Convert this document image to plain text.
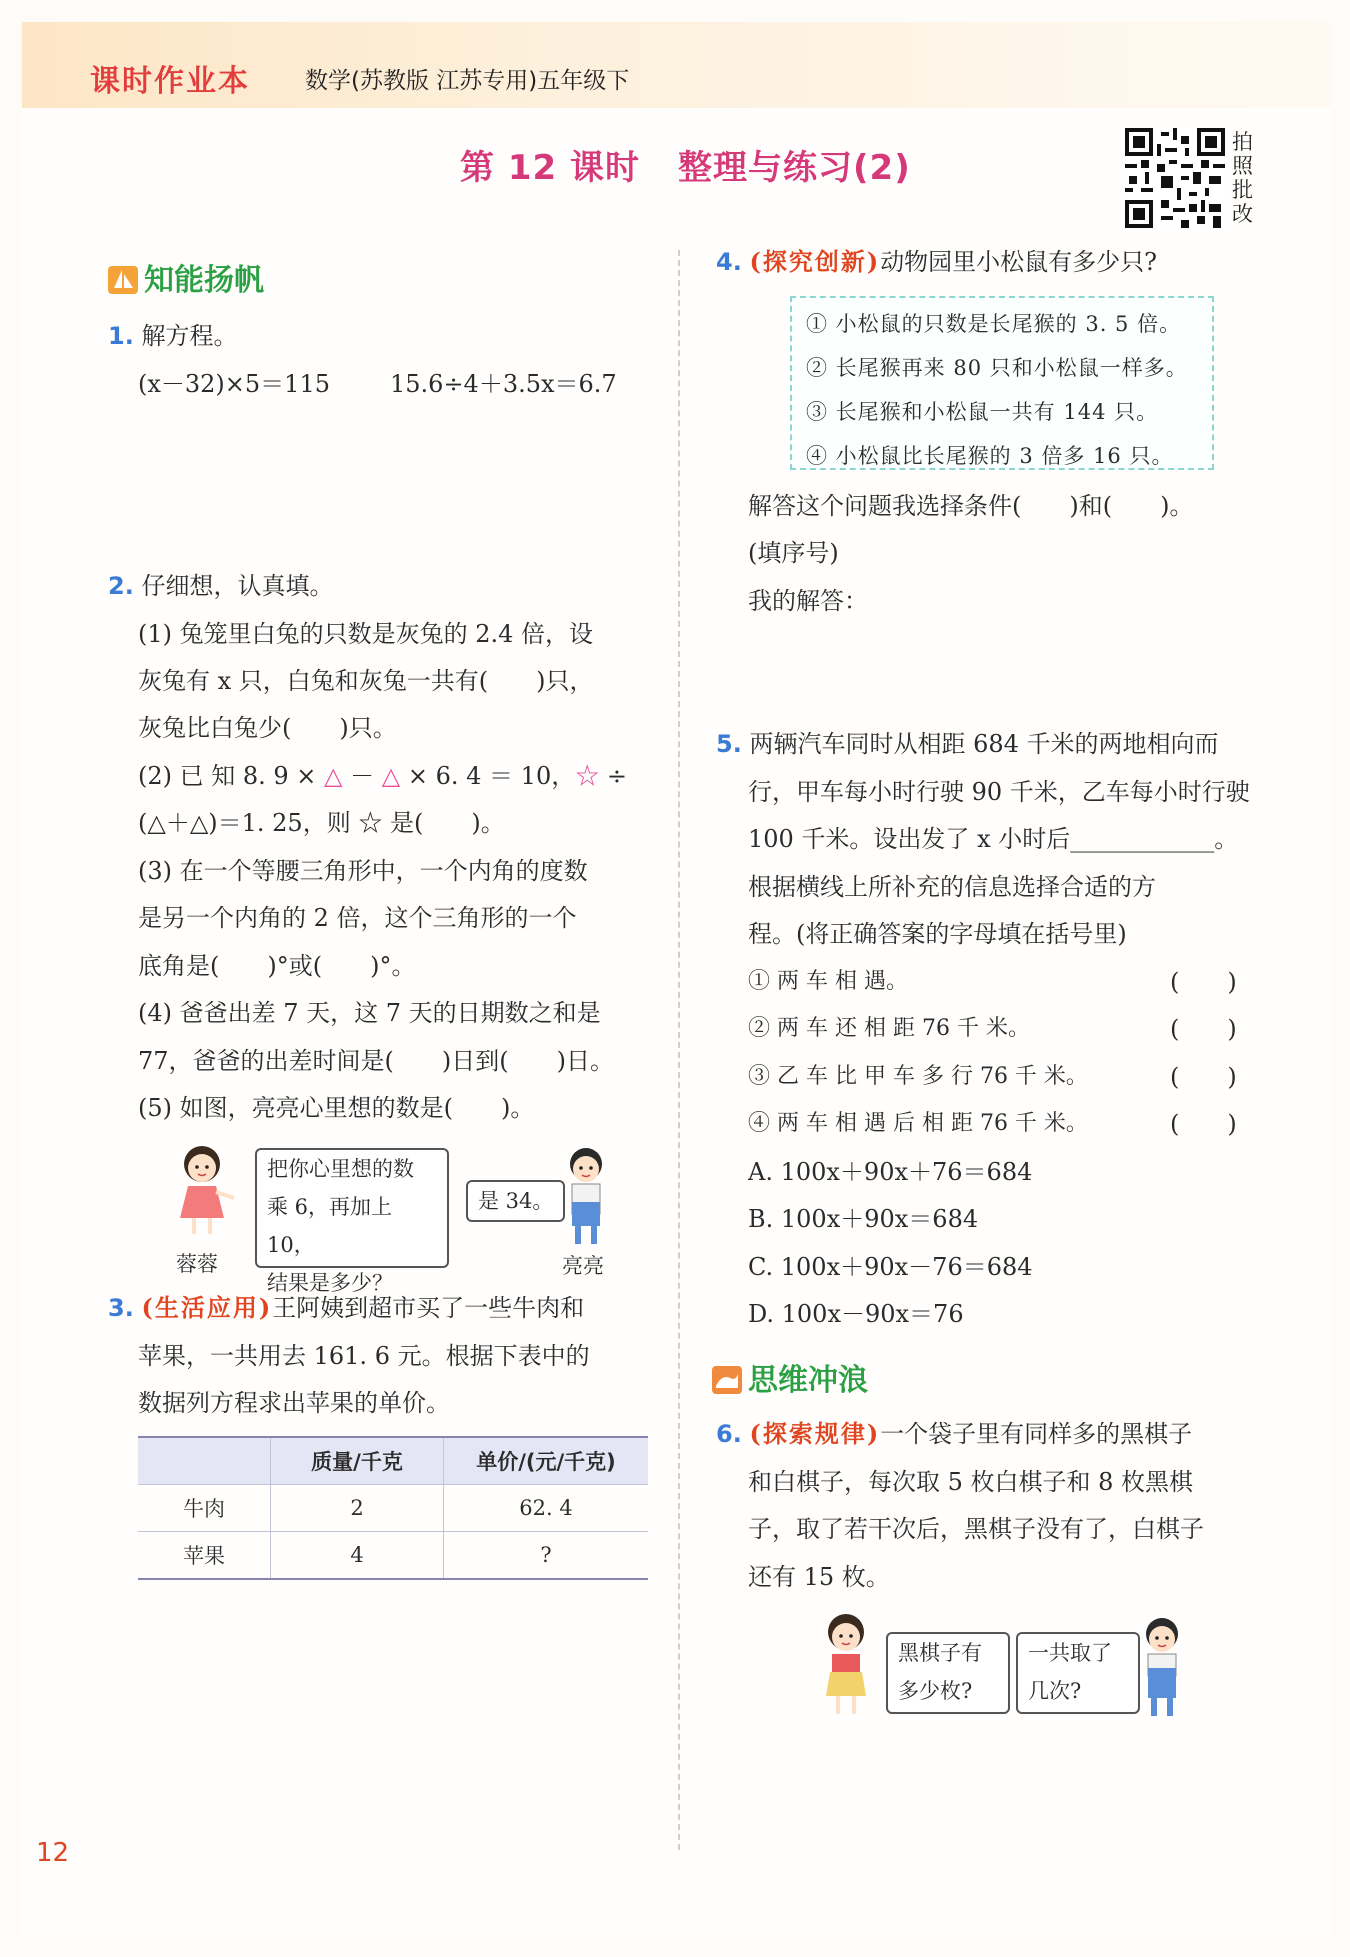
课时作业本 数学(苏教版 江苏专用)五年级下
第 12 课时 整理与练习(2)
拍照批改
知能扬帆
1. 解方程。
(x－32)×5＝115	15.6÷4＋3.5x＝6.7
2. 仔细想，认真填。
(1) 兔笼里白兔的只数是灰兔的 2.4 倍，设
灰兔有 x 只，白兔和灰兔一共有(　　)只，
灰兔比白兔少(　　)只。
(2) 已 知 8. 9 × △ － △ × 6. 4 ＝ 10，☆ ÷
(△＋△)＝1. 25，则 ☆ 是(　　)。
(3) 在一个等腰三角形中，一个内角的度数
是另一个内角的 2 倍，这个三角形的一个
底角是(　　)°或(　　)°。
(4) 爸爸出差 7 天，这 7 天的日期数之和是
77，爸爸的出差时间是(　　)日到(　　)日。
(5) 如图，亮亮心里想的数是(　　)。
蓉蓉
把你心里想的数
乘 6，再加上 10，
结果是多少？
是 34。
亮亮
3. (生活应用)王阿姨到超市买了一些牛肉和
苹果，一共用去 161. 6 元。根据下表中的
数据列方程求出苹果的单价。
	质量/千克	单价/(元/千克)
牛肉	2	62. 4
苹果	4	?
4. (探究创新)动物园里小松鼠有多少只?
① 小松鼠的只数是长尾猴的 3. 5 倍。
② 长尾猴再来 80 只和小松鼠一样多。
③ 长尾猴和小松鼠一共有 144 只。
④ 小松鼠比长尾猴的 3 倍多 16 只。
解答这个问题我选择条件(　　)和(　　)。
(填序号)
我的解答：
5. 两辆汽车同时从相距 684 千米的两地相向而
行，甲车每小时行驶 90 千米，乙车每小时行驶
100 千米。设出发了 x 小时后____________。
根据横线上所补充的信息选择合适的方
程。(将正确答案的字母填在括号里)
① 两 车 相 遇。	(　　)
② 两 车 还 相 距 76 千 米。	(　　)
③ 乙 车 比 甲 车 多 行 76 千 米。	(　　)
④ 两 车 相 遇 后 相 距 76 千 米。	(　　)
A. 100x＋90x＋76＝684
B. 100x＋90x＝684
C. 100x＋90x－76＝684
D. 100x－90x＝76
思维冲浪
6. (探索规律)一个袋子里有同样多的黑棋子
和白棋子，每次取 5 枚白棋子和 8 枚黑棋
子，取了若干次后，黑棋子没有了，白棋子
还有 15 枚。
黑棋子有
多少枚?
一共取了
几次?
12
